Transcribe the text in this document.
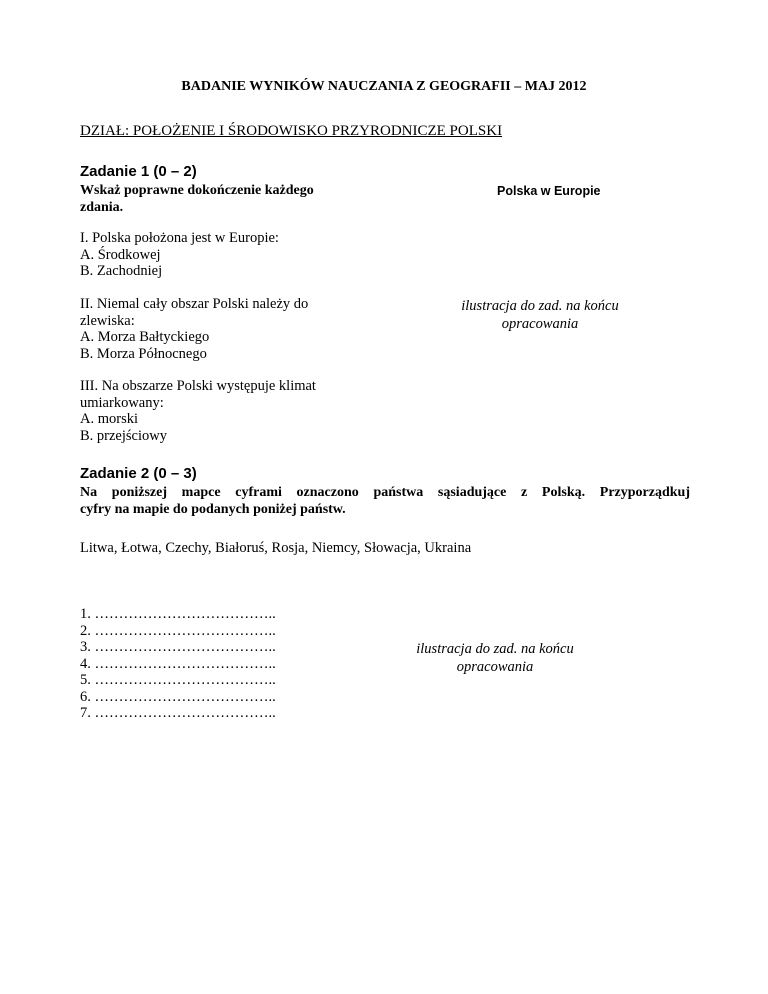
BADANIE WYNIKÓW NAUCZANIA Z GEOGRAFII – MAJ 2012
DZIAŁ: POŁOŻENIE I ŚRODOWISKO PRZYRODNICZE POLSKI
Zadanie 1 (0 – 2)
Wskaż poprawne dokończenie każdego
zdania.
Polska w Europie
I. Polska położona jest w Europie:
A. Środkowej
B. Zachodniej
II. Niemal cały obszar Polski należy do
zlewiska:
A. Morza Bałtyckiego
B. Morza Północnego
ilustracja do zad. na końcu
opracowania
III. Na obszarze Polski występuje klimat
umiarkowany:
A. morski
B. przejściowy
Zadanie 2 (0 – 3)
Na poniższej mapce cyframi oznaczono państwa sąsiadujące z Polską. Przyporządkuj
cyfry na mapie do podanych poniżej państw.
Litwa, Łotwa, Czechy, Białoruś, Rosja, Niemcy, Słowacja, Ukraina
1. ………………………………..
2. ………………………………..
3. ………………………………..
4. ………………………………..
5. ………………………………..
6. ………………………………..
7. ………………………………..
ilustracja do zad. na końcu
opracowania
